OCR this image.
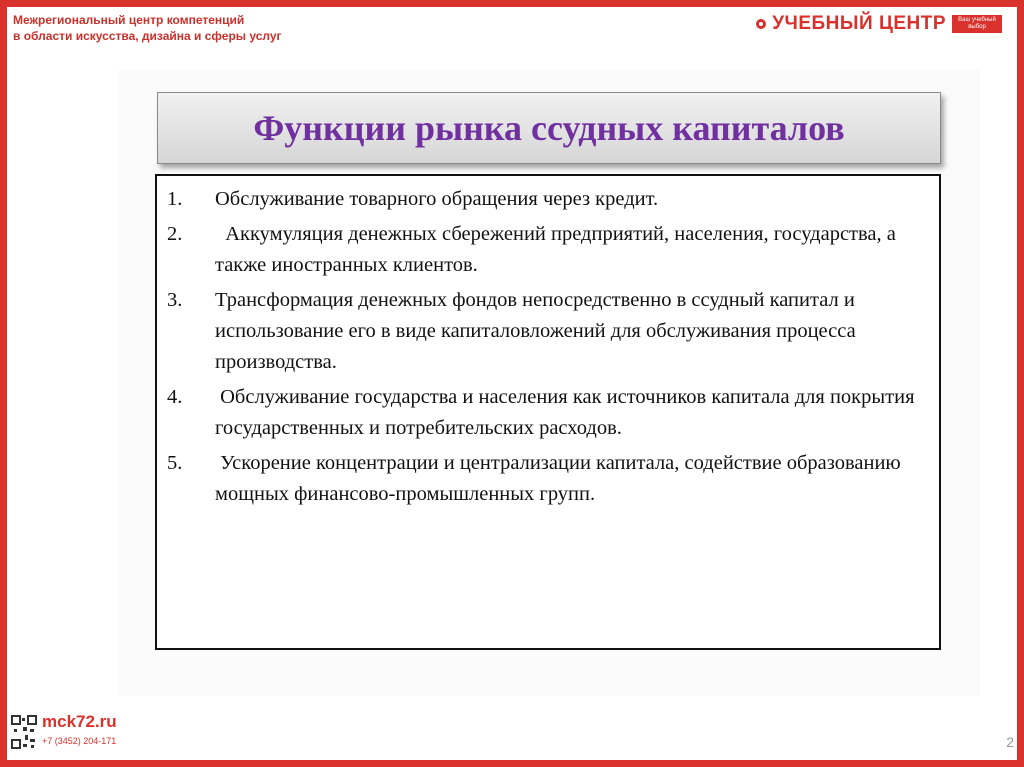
Межрегиональный центр компетенций
в области искусства, дизайна и сферы услуг
УЧЕБНЫЙ ЦЕНТР	Ваш учебный выбор
Функции рынка ссудных капиталов
1.	Обслуживание товарного обращения через кредит.
2.	Аккумуляция денежных сбережений предприятий, населения, государства, а также иностранных клиентов.
3.	Трансформация денежных фондов непосредственно в ссудный капитал и использование его в виде капиталовложений для обслуживания процесса производства.
4.	Обслуживание государства и населения как источников капитала для покрытия государственных и потребительских расходов.
5.	Ускорение концентрации и централизации капитала, содействие образованию мощных финансово-промышленных групп.
mck72.ru
+7 (3452) 204-171	2
